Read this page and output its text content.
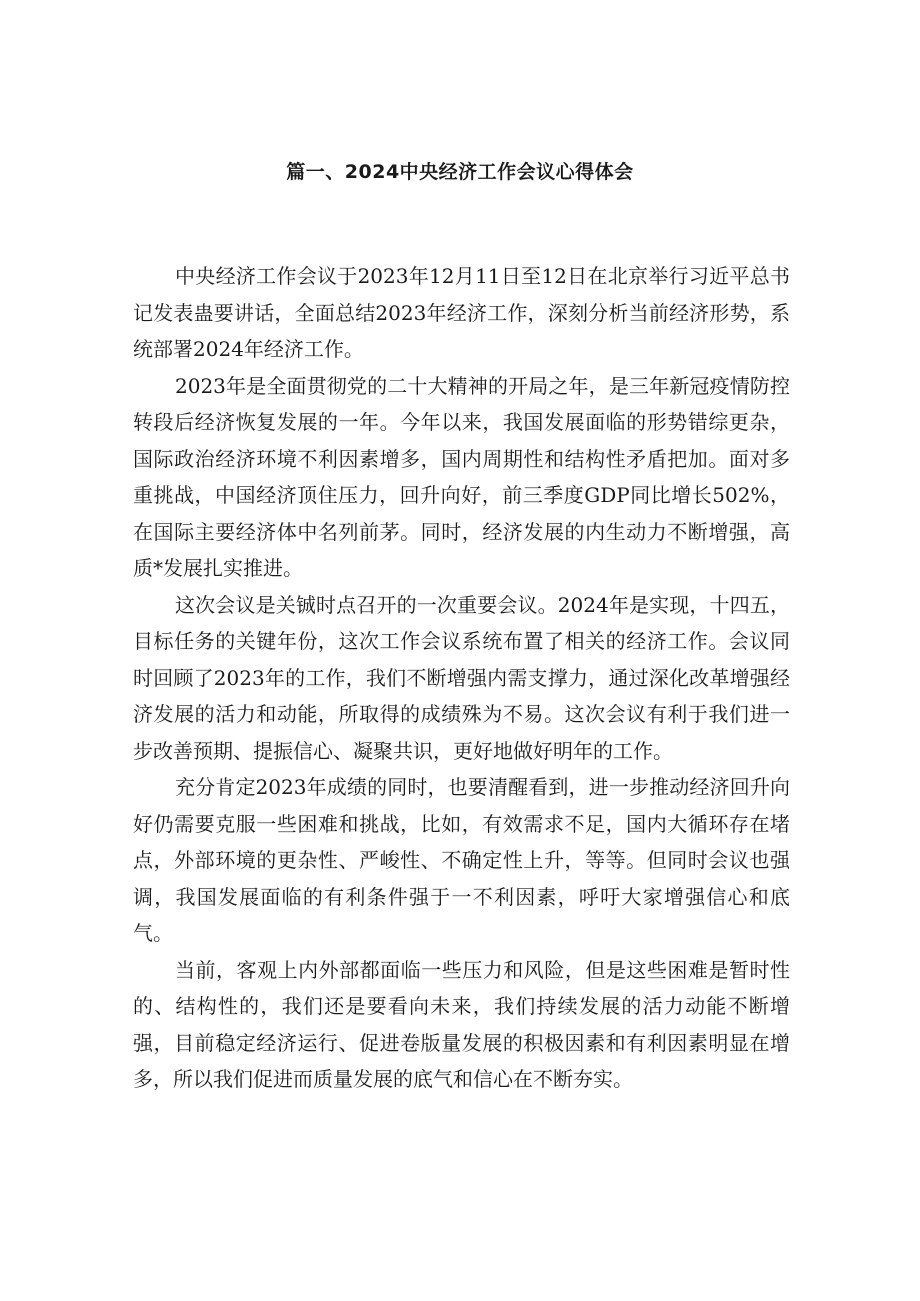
篇一、2024中央经济工作会议心得体会

中央经济工作会议于2023年12月11日至12日在北京举行习近平总书记发表蛊要讲话，全面总结2023年经济工作，深刻分析当前经济形势，系统部署2024年经济工作。

2023年是全面贯彻党的二十大精神的开局之年，是三年新冠疫情防控转段后经济恢复发展的一年。今年以来，我国发展面临的形势错综更杂，国际政治经济环境不利因素增多，国内周期性和结构性矛盾把加。面对多重挑战，中国经济顶住压力，回升向好，前三季度GDP同比增长502%，在国际主要经济体中名列前茅。同时，经济发展的内生动力不断增强，高质*发展扎实推进。

这次会议是关铖时点召开的一次重要会议。2024年是实现，十四五，目标任务的关键年份，这次工作会议系统布置了相关的经济工作。会议同时回顾了2023年的工作，我们不断增强内需支撑力，通过深化改革增强经济发展的活力和动能，所取得的成绩殊为不易。这次会议有利于我们进一步改善预期、提振信心、凝聚共识，更好地做好明年的工作。

充分肯定2023年成绩的同时，也要清醒看到，进一步推动经济回升向好仍需要克服一些困难和挑战，比如，有效需求不足，国内大循环存在堵点，外部环境的更杂性、严峻性、不确定性上升，等等。但同时会议也强调，我国发展面临的有利条件强于一不利因素，呼吁大家增强信心和底气。

当前，客观上内外部都面临一些压力和风险，但是这些困难是暂时性的、结构性的，我们还是要看向未来，我们持续发展的活力动能不断增强，目前稳定经济运行、促进卷版量发展的积极因素和有利因素明显在增多，所以我们促进而质量发展的底气和信心在不断夯实。
